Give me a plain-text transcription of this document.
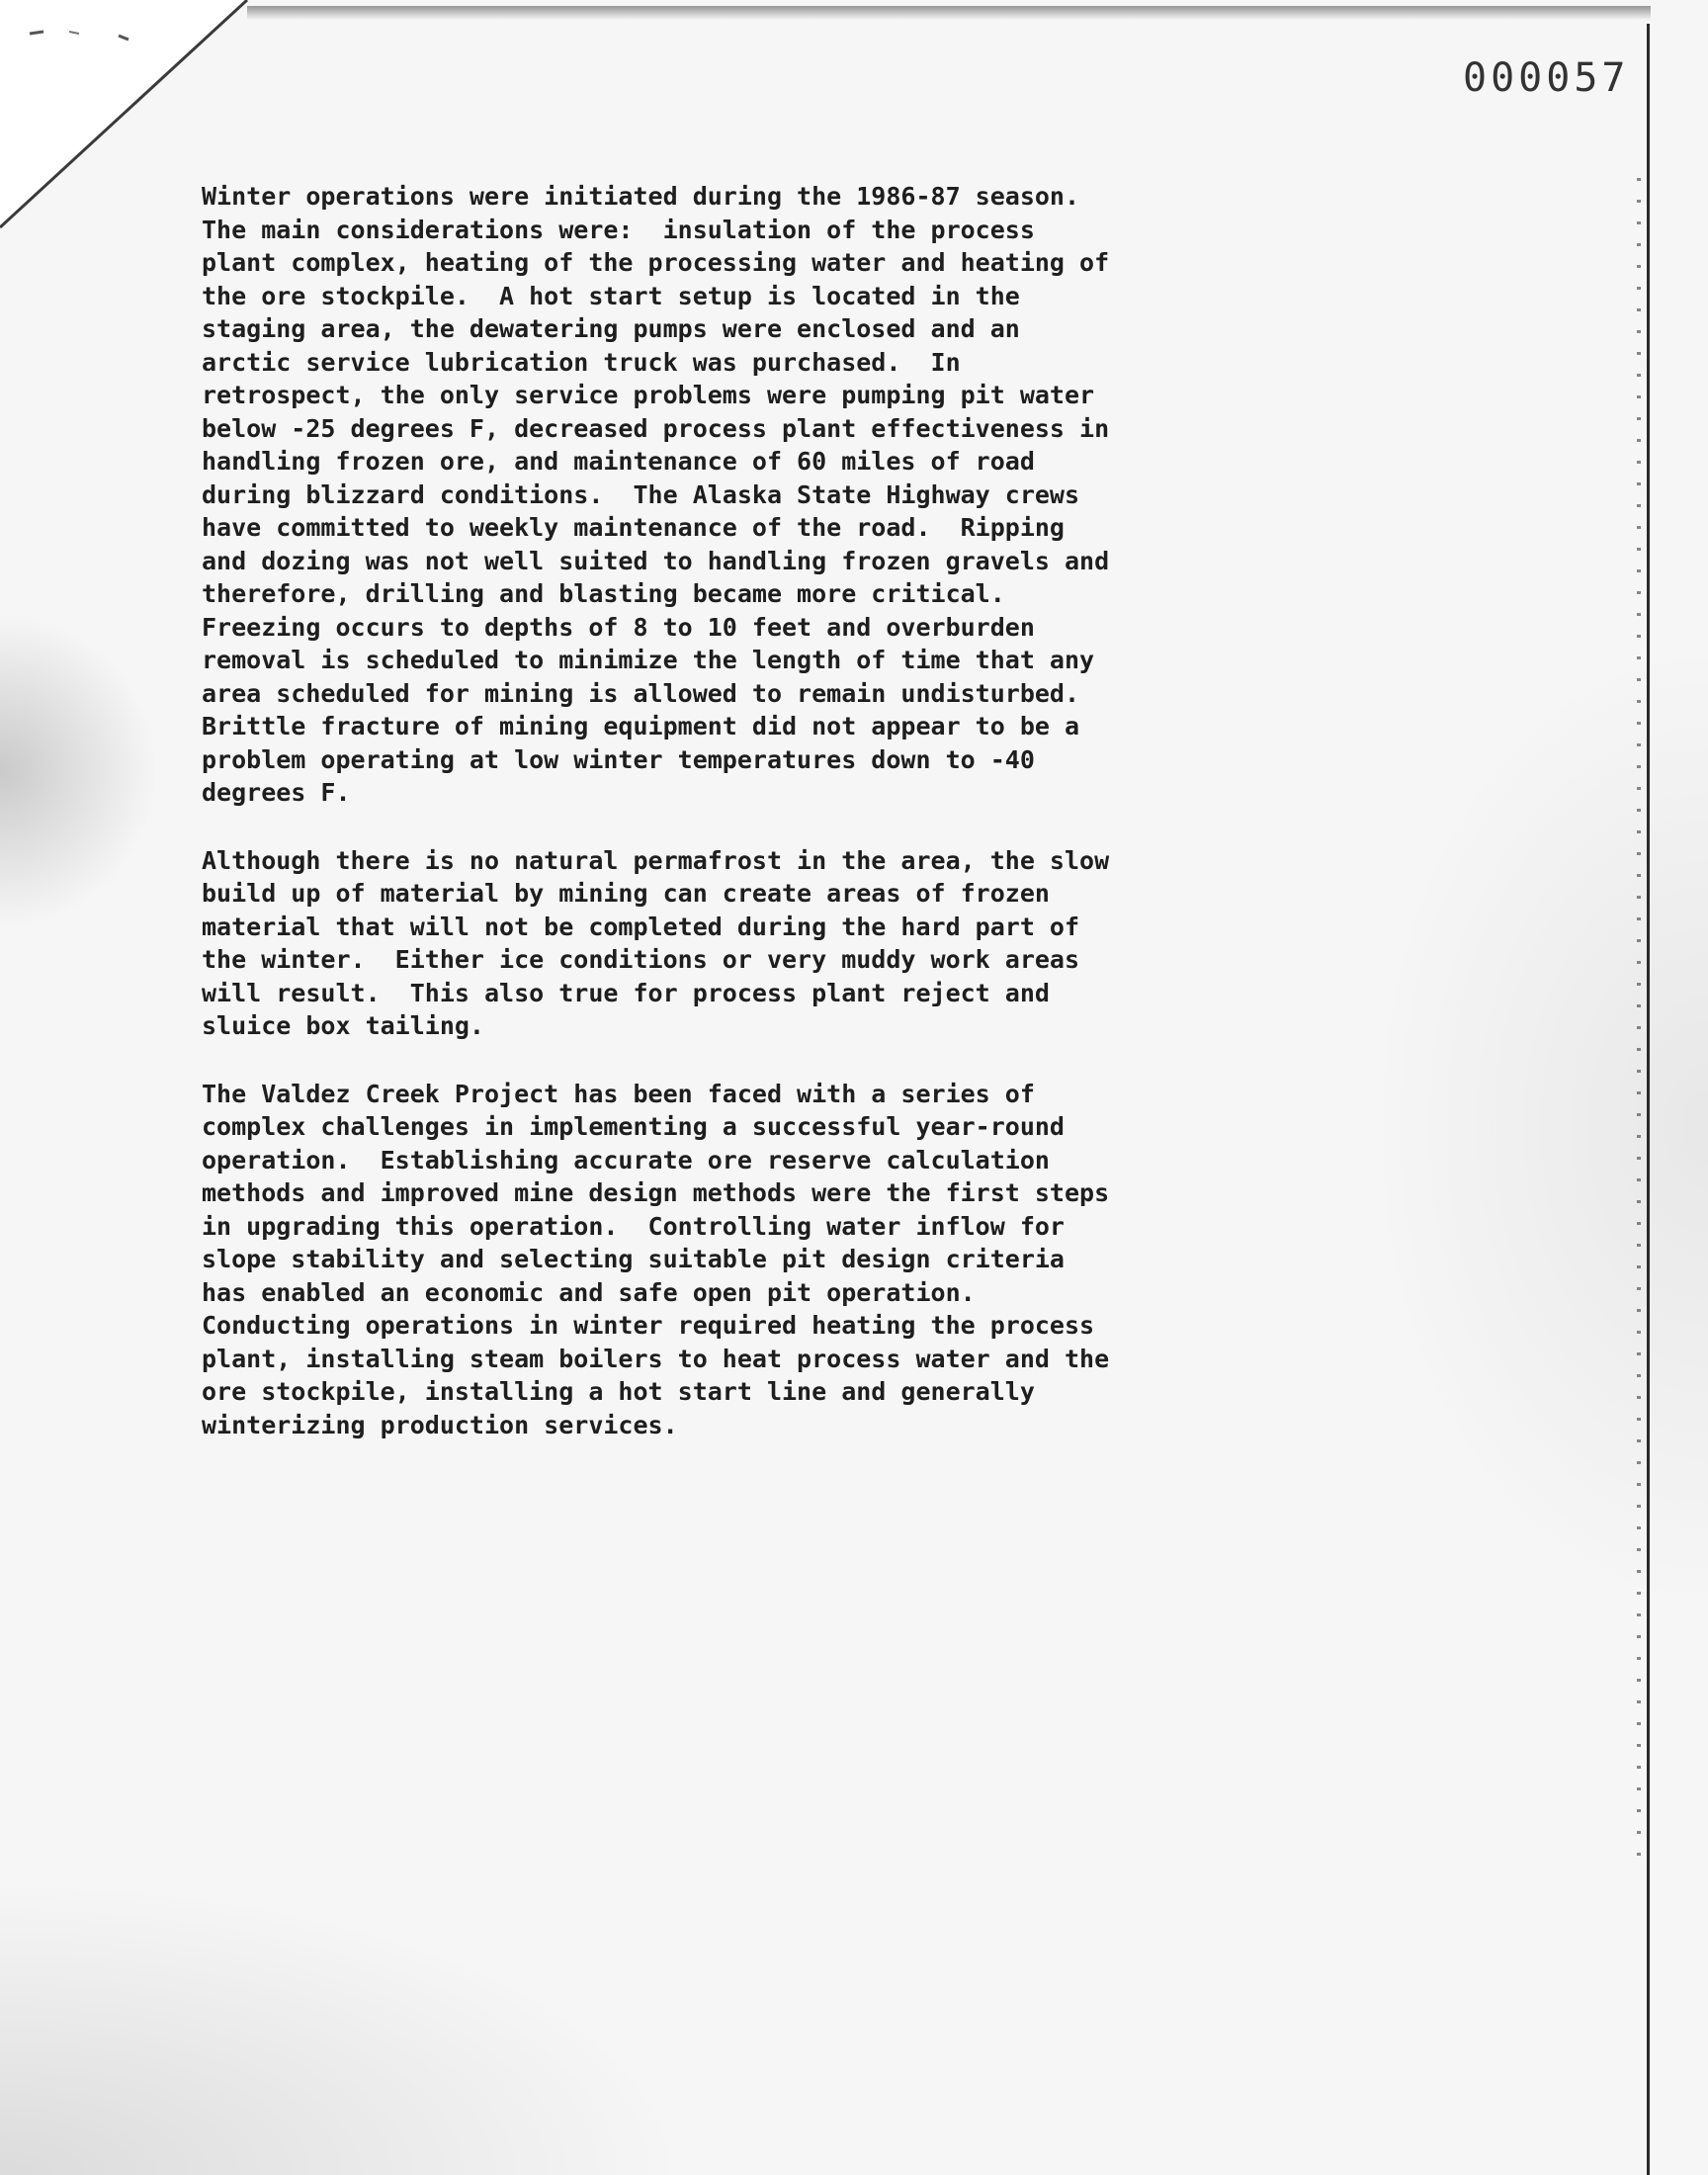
000057

Winter operations were initiated during the 1986-87 season.
The main considerations were:  insulation of the process
plant complex, heating of the processing water and heating of
the ore stockpile.  A hot start setup is located in the
staging area, the dewatering pumps were enclosed and an
arctic service lubrication truck was purchased.  In
retrospect, the only service problems were pumping pit water
below -25 degrees F, decreased process plant effectiveness in
handling frozen ore, and maintenance of 60 miles of road
during blizzard conditions.  The Alaska State Highway crews
have committed to weekly maintenance of the road.  Ripping
and dozing was not well suited to handling frozen gravels and
therefore, drilling and blasting became more critical.
Freezing occurs to depths of 8 to 10 feet and overburden
removal is scheduled to minimize the length of time that any
area scheduled for mining is allowed to remain undisturbed.
Brittle fracture of mining equipment did not appear to be a
problem operating at low winter temperatures down to -40
degrees F.

Although there is no natural permafrost in the area, the slow
build up of material by mining can create areas of frozen
material that will not be completed during the hard part of
the winter.  Either ice conditions or very muddy work areas
will result.  This also true for process plant reject and
sluice box tailing.

The Valdez Creek Project has been faced with a series of
complex challenges in implementing a successful year-round
operation.  Establishing accurate ore reserve calculation
methods and improved mine design methods were the first steps
in upgrading this operation.  Controlling water inflow for
slope stability and selecting suitable pit design criteria
has enabled an economic and safe open pit operation.
Conducting operations in winter required heating the process
plant, installing steam boilers to heat process water and the
ore stockpile, installing a hot start line and generally
winterizing production services.
